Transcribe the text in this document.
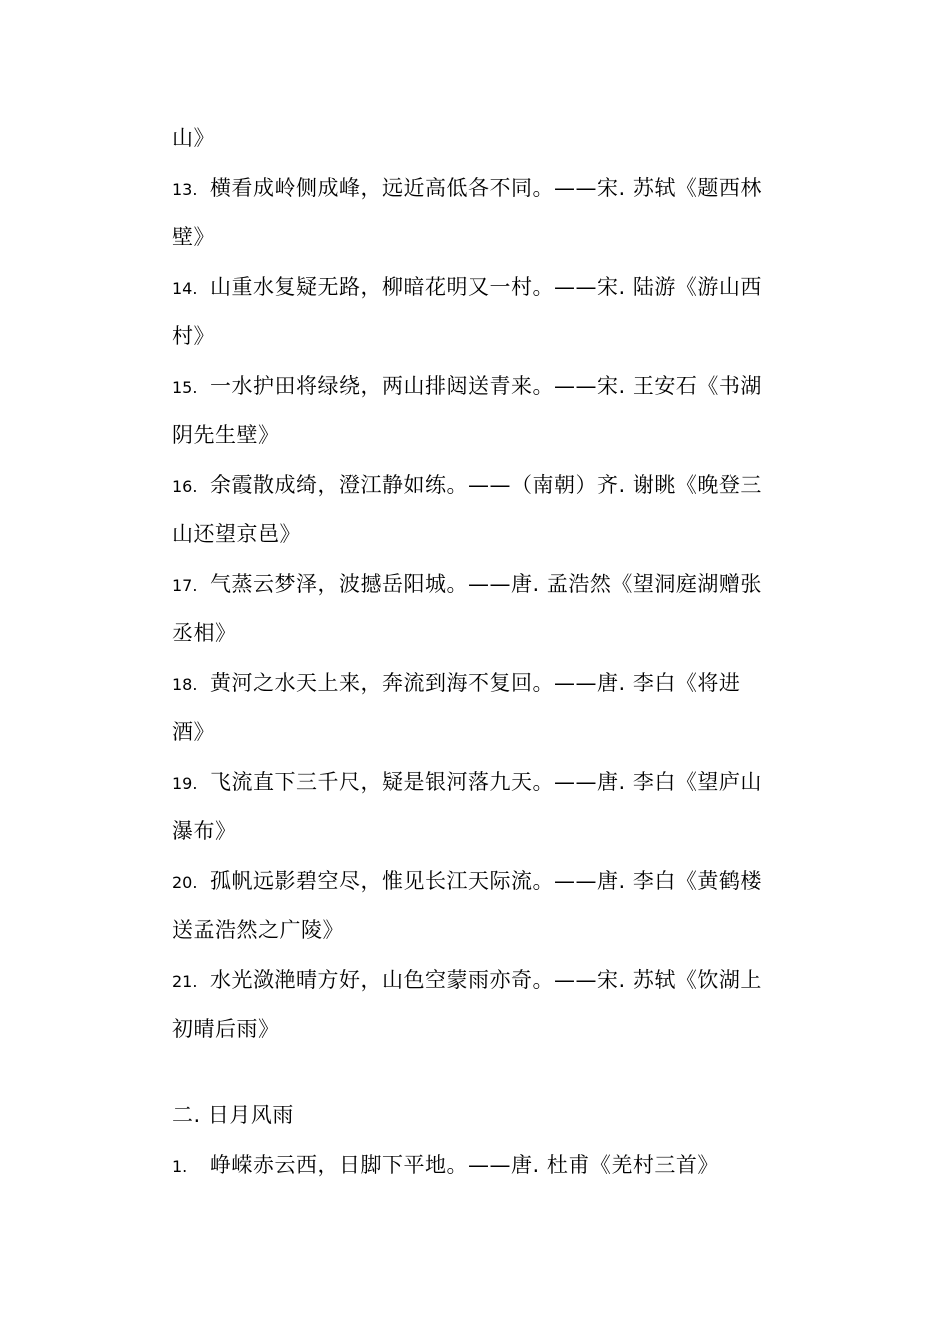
山》
13. 横看成岭侧成峰，远近高低各不同。——宋. 苏轼《题西林
壁》
14. 山重水复疑无路，柳暗花明又一村。——宋. 陆游《游山西
村》
15. 一水护田将绿绕，两山排闼送青来。——宋. 王安石《书湖
阴先生壁》
16. 余霞散成绮，澄江静如练。——（南朝）齐. 谢眺《晚登三
山还望京邑》
17. 气蒸云梦泽，波撼岳阳城。——唐. 孟浩然《望洞庭湖赠张
丞相》
18. 黄河之水天上来，奔流到海不复回。——唐. 李白《将进
酒》
19. 飞流直下三千尺，疑是银河落九天。——唐. 李白《望庐山
瀑布》
20. 孤帆远影碧空尽，惟见长江天际流。——唐. 李白《黄鹤楼
送孟浩然之广陵》
21. 水光潋滟晴方好，山色空蒙雨亦奇。——宋. 苏轼《饮湖上
初晴后雨》
二. 日月风雨
1. 峥嵘赤云西，日脚下平地。——唐. 杜甫《羌村三首》
